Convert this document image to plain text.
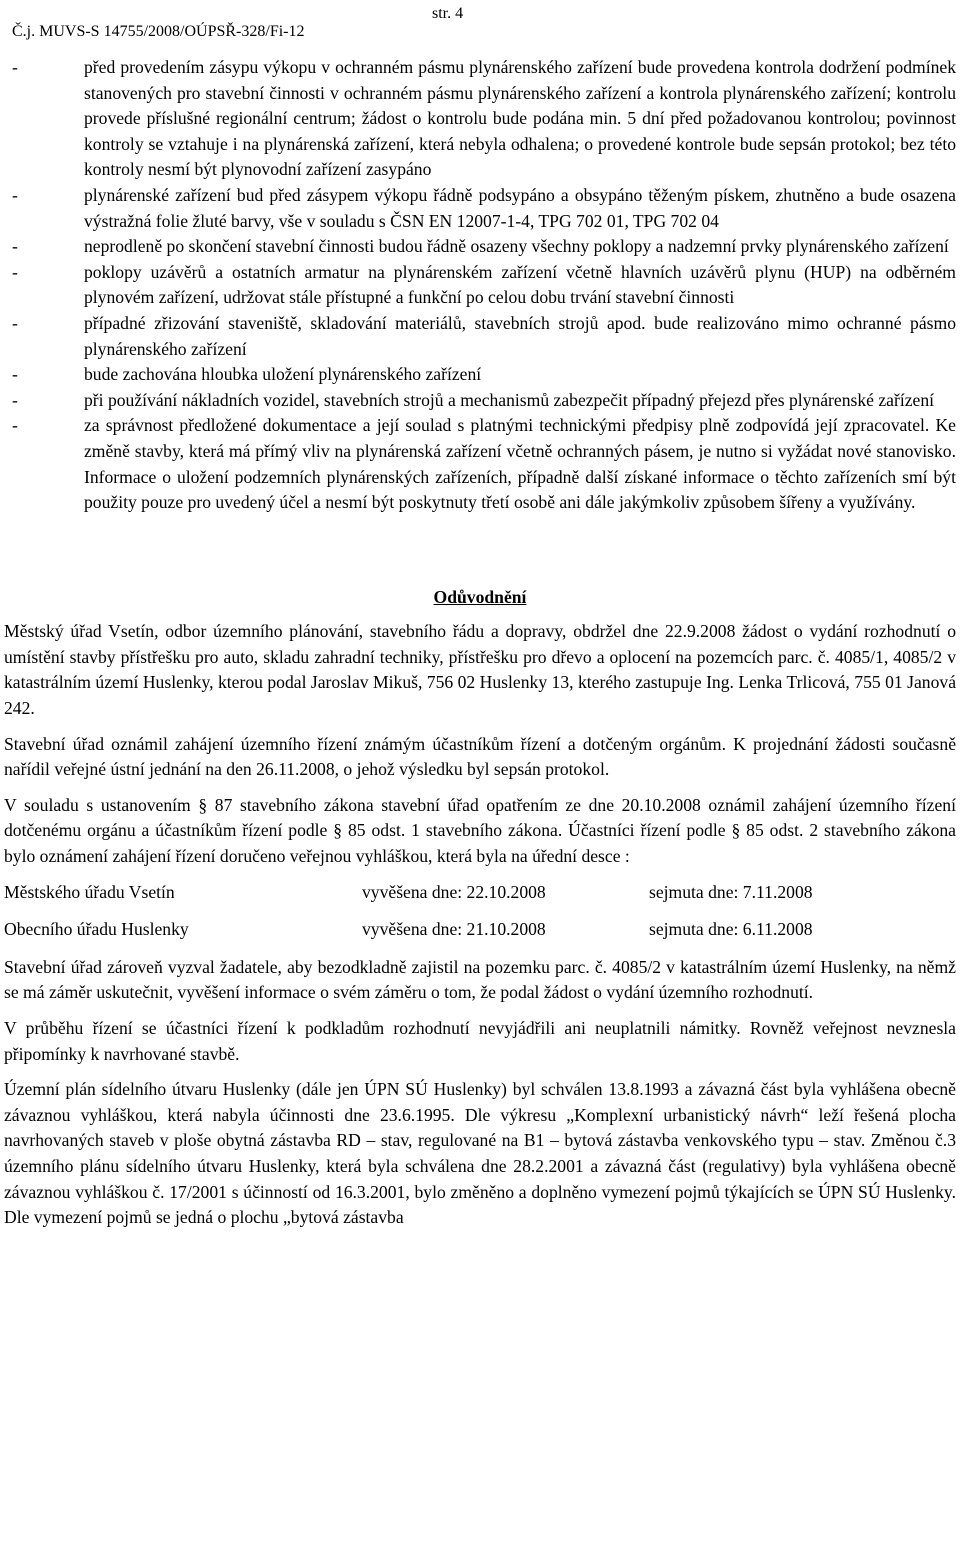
Č.j. MUVS-S 14755/2008/OÚPSŘ-328/Fi-12

str. 4

-	před provedením zásypu výkopu v ochranném pásmu plynárenského zařízení bude provedena kontrola dodržení podmínek stanovených pro stavební činnosti v ochranném pásmu plynárenského zařízení a kontrola plynárenského zařízení; kontrolu provede příslušné regionální centrum; žádost o kontrolu bude podána min. 5 dní před požadovanou kontrolou; povinnost kontroly se vztahuje i na plynárenská zařízení, která nebyla odhalena; o provedené kontrole bude sepsán protokol; bez této kontroly nesmí být plynovodní zařízení zasypáno

-	plynárenské zařízení bud před zásypem výkopu řádně podsypáno a obsypáno těženým pískem, zhutněno a bude osazena výstražná folie žluté barvy, vše v souladu s ČSN EN 12007-1-4, TPG 702 01, TPG 702 04

-	neprodleně po skončení stavební činnosti budou řádně osazeny všechny poklopy a nadzemní prvky plynárenského zařízení

-	poklopy uzávěrů a ostatních armatur na plynárenském zařízení včetně hlavních uzávěrů plynu (HUP) na odběrném plynovém zařízení, udržovat stále přístupné a funkční po celou dobu trvání stavební činnosti

-	případné zřizování staveniště, skladování materiálů, stavebních strojů apod. bude realizováno mimo ochranné pásmo plynárenského zařízení

-	bude zachována hloubka uložení plynárenského zařízení

-	při používání nákladních vozidel, stavebních strojů a mechanismů zabezpečit případný přejezd přes plynárenské zařízení

-	za správnost předložené dokumentace a její soulad s platnými technickými předpisy plně zodpovídá její zpracovatel. Ke změně stavby, která má přímý vliv na plynárenská zařízení včetně ochranných pásem, je nutno si vyžádat nové stanovisko. Informace o uložení podzemních plynárenských zařízeních, případně další získané informace o těchto zařízeních smí být použity pouze pro uvedený účel a nesmí být poskytnuty třetí osobě ani dále jakýmkoliv způsobem šířeny a využívány.

Odůvodnění

Městský úřad Vsetín, odbor územního plánování, stavebního řádu a dopravy, obdržel dne 22.9.2008 žádost o vydání rozhodnutí o umístění stavby přístřešku pro auto, skladu zahradní techniky, přístřešku pro dřevo a oplocení na pozemcích parc. č. 4085/1, 4085/2 v katastrálním území Huslenky, kterou podal Jaroslav Mikuš, 756 02 Huslenky 13, kterého zastupuje Ing. Lenka Trlicová, 755 01 Janová 242.

Stavební úřad oznámil zahájení územního řízení známým účastníkům řízení a dotčeným orgánům. K projednání žádosti současně nařídil veřejné ústní jednání na den 26.11.2008, o jehož výsledku byl sepsán protokol.

V souladu s ustanovením § 87 stavebního zákona stavební úřad opatřením ze dne 20.10.2008 oznámil zahájení územního řízení dotčenému orgánu a účastníkům řízení podle § 85 odst. 1 stavebního zákona. Účastníci řízení podle § 85 odst. 2 stavebního zákona bylo oznámení zahájení řízení doručeno veřejnou vyhláškou, která byla na úřední desce :

Městského úřadu Vsetín	vyvěšena dne: 22.10.2008	sejmuta dne: 7.11.2008
Obecního úřadu Huslenky	vyvěšena dne: 21.10.2008	sejmuta dne: 6.11.2008

Stavební úřad zároveň vyzval žadatele, aby bezodkladně zajistil na pozemku parc. č. 4085/2 v katastrálním území Huslenky, na němž se má záměr uskutečnit, vyvěšení informace o svém záměru o tom, že podal žádost o vydání územního rozhodnutí.

V průběhu řízení se účastníci řízení k podkladům rozhodnutí nevyjádřili ani neuplatnili námitky. Rovněž veřejnost nevznesla připomínky k navrhované stavbě.

Územní plán sídelního útvaru Huslenky (dále jen ÚPN SÚ Huslenky) byl schválen 13.8.1993 a závazná část byla vyhlášena obecně závaznou vyhláškou, která nabyla účinnosti dne 23.6.1995. Dle výkresu „Komplexní urbanistický návrh“ leží řešená plocha navrhovaných staveb v ploše obytná zástavba RD – stav, regulované na B1 – bytová zástavba venkovského typu – stav. Změnou č.3 územního plánu sídelního útvaru Huslenky, která byla schválena dne 28.2.2001 a závazná část (regulativy) byla vyhlášena obecně závaznou vyhláškou č. 17/2001 s účinností od 16.3.2001, bylo změněno a doplněno vymezení pojmů týkajících se ÚPN SÚ Huslenky. Dle vymezení pojmů se jedná o plochu „bytová zástavba
